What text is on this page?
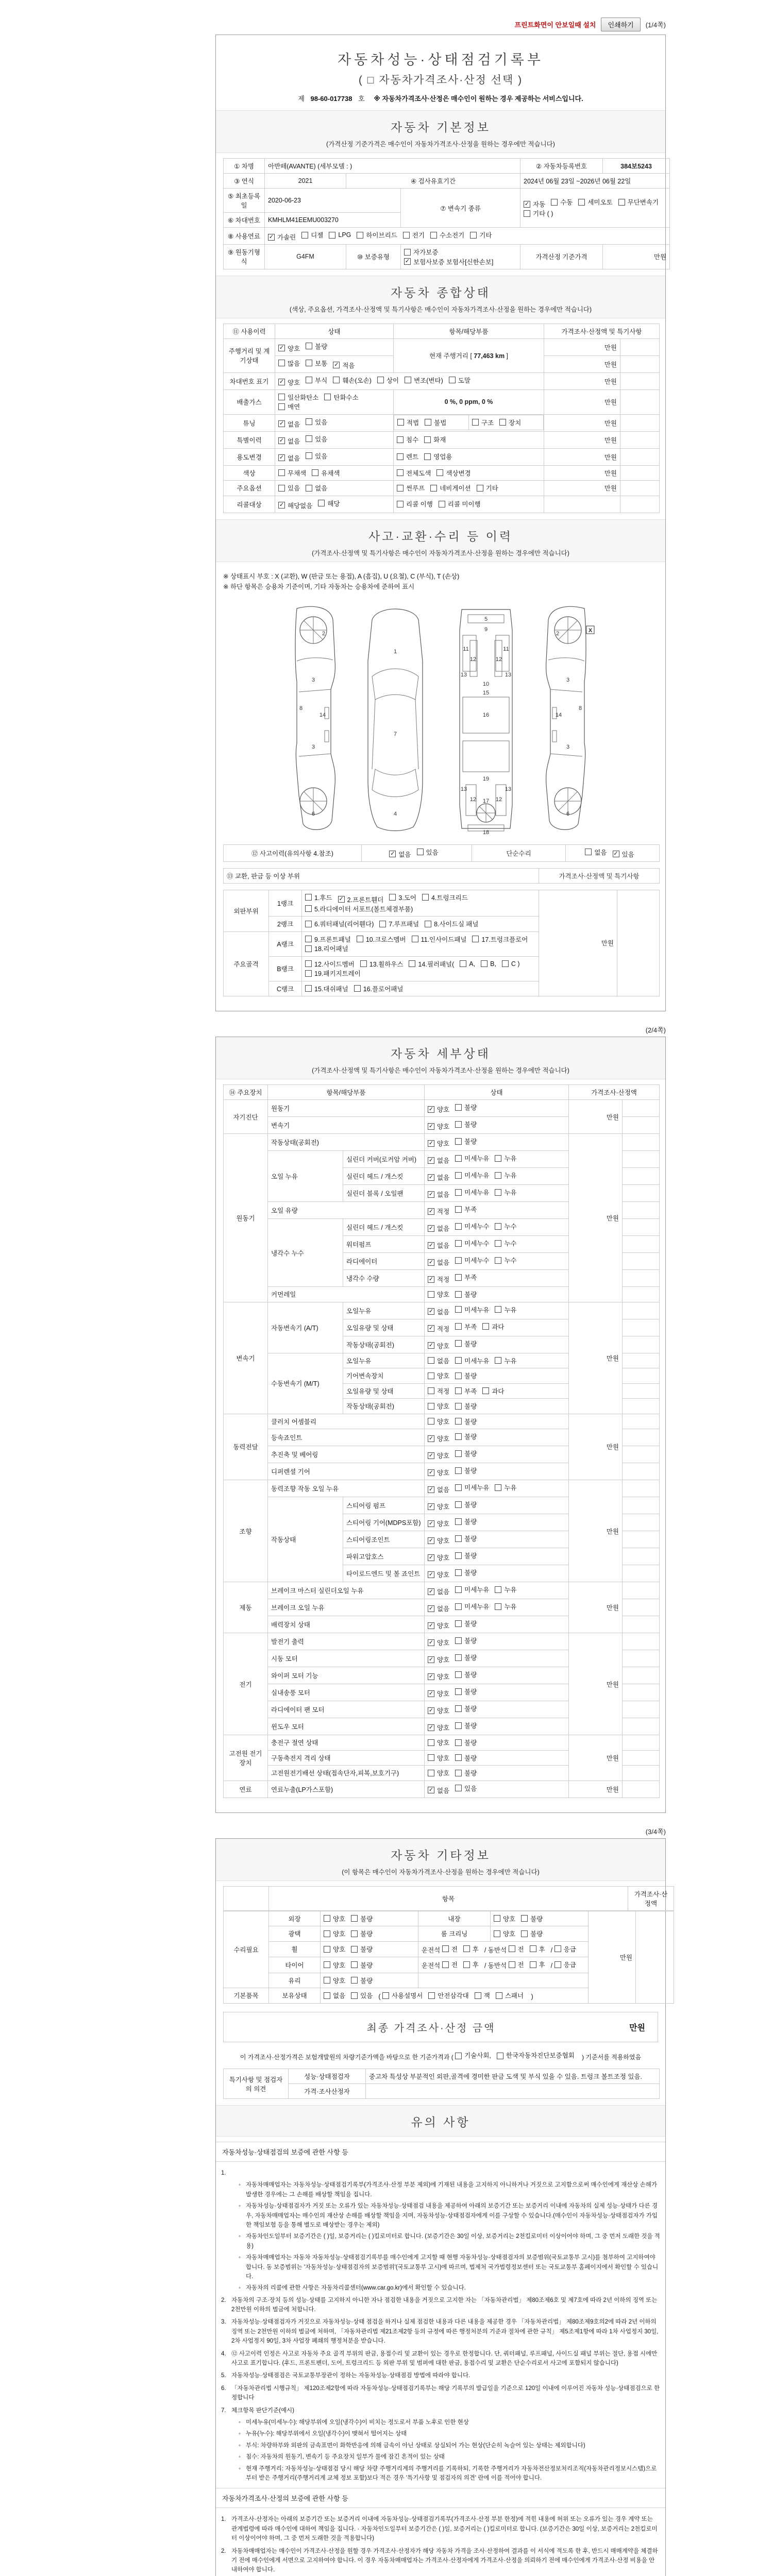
프린트화면이 안보일때 설치	인쇄하기	(1/4쪽)
자동차성능·상태점검기록부
( □ 자동차가격조사·산정 선택 )
제 98-60-017738 호 ※ 자동차가격조사·산정은 매수인이 원하는 경우 제공하는 서비스입니다.
자동차 기본정보
(가격산정 기준가격은 매수인이 자동차가격조사·산정을 원하는 경우에만 적습니다)
① 차명	아반떼(AVANTE) (세부모델 : )			② 자동차등록번호	384보5243
③ 연식	2021	④ 검사유효기간		2024년 06월 23일 ~2026년 06월 22일	
⑤ 최초등록일	2020-06-23	⑦ 변속기 종류	
✓ 자동 수동 세미오토 무단변속기
기타 ( )

⑥ 차대번호	KMHLM41EEMU003270				
⑧ 사용연료	✓ 가솔린 디젤 LPG 하이브리드 전기 수소전기 기타

⑨ 원동기형식	G4FM	⑩ 보증유형	자가보증
✓ 보험사보증 보험사[신한손보]	가격산정 기준가격	만원
자동차 종합상태
(색상, 주요옵션, 가격조사·산정액 및 특기사항은 매수인이 자동차가격조사·산정을 원하는 경우에만 적습니다)
⑪ 사용이력	상태	항목/해당부품	가격조사·산정액 및 특기사항	
주행거리 및 계기상태	✓ 양호 불량	현재 주행거리 [ 77,463 km ]	만원	

	많음 보통 ✓ 적음		만원	
차대번호 표기	✓ 양호 부식 훼손(오손) 상이 변조(변타) 도말	만원	
배출가스	일산화탄소 탄화수소
매연	0 %, 0 ppm, 0 %	만원	
튜닝	✓ 없음 있음
		적법 불법	구조 장치	만원	
특별이력	✓ 없음 있음	침수 화재	만원	
용도변경	✓ 없음 있음	렌트 영업용	만원	
색상	무채색 유채색	전체도색 색상변경	만원	
주요옵션	있음 없음	썬루프 네비게이션 기타	만원	
리콜대상	✓ 해당없음 해당	리콜 이행 리콜 미이행		

사고·교환·수리 등 이력
(가격조사·산정액 및 특기사항은 매수인이 자동차가격조사·산정을 원하는 경우에만 적습니다)
※ 상태표시 부호 : X (교환), W (판금 또는 용접), A (흠집), U (요철), C (부식), T (손상)
※ 하단 항목은 승용차 기준이며, 기타 자동차는 승용차에 준하여 표시
2
3
8
14
3
6
1
7
4
5
9
11	11
12	12
13	13
10
15
16
19
13	13
12	12
17
18
2
3
8
14
3
6
X
⑫ 사고이력(유의사항 4.참조)	✓ 없음 있음	단순수리	없음 ✓ 있음
⑬ 교환, 판금 등 이상 부위	가격조사·산정액 및 특기사항
외판부위	1랭크	
1.후드 ✓ 2.프론트휀더 3.도어 4.트렁크리드
5.라디에이터 서포트(볼트체결부품)
	만원	
	2랭크	6.쿼터패널(리어휀다) 7.루프패널 8.사이드실 패널		

주요골격	A랭크	9.프론트패널 10.크로스멤버 11.인사이드패널 17.트렁크플로어
18.리어패널		

B랭크	
12.사이드멤버 13.휠하우스 14.필러패널( A, B, C )
19.패키지트레이

	C랭크	15.대쉬패널 16.플로어패널		
(2/4쪽)
자동차 세부상태
(가격조사·산정액 및 특기사항은 매수인이 자동차가격조사·산정을 원하는 경우에만 적습니다)
⑭ 주요장치	항목/해당부품		상태	가격조사·산정액	
자기진단	원동기		✓ 양호 불량	만원	
	변속기		✓ 양호 불량		

원동기	작동상태(공회전)		✓ 양호 불량	만원	
	오일 누유	실린더 커버(로커암 커버)	✓ 없음 미세누유 누유		

		실린더 헤드 / 개스킷	✓ 없음 미세누유 누유		

		실린더 블록 / 오일팬	✓ 없음 미세누유 누유		

	오일 유량		✓ 적정 부족		

	냉각수 누수	실린더 헤드 / 개스킷	✓ 없음 미세누수 누수		

		워터펌프	✓ 없음 미세누수 누수		

		라디에이터	✓ 없음 미세누수 누수		

		냉각수 수량	✓ 적정 부족		

	커먼레일		양호 불량		

변속기	자동변속기 (A/T)	오일누유	✓ 없음 미세누유 누유	만원	
		오일유량 및 상태	✓ 적정 부족 과다		

		작동상태(공회전)	✓ 양호 불량		

	수동변속기 (M/T)	오일누유	없음 미세누유 누유		

		기어변속장치	양호 불량		

		오일유량 및 상태	적정 부족 과다		

		작동상태(공회전)	양호 불량		

동력전달	클러치 어셈블리		양호 불량	만원	
	등속죠인트		✓ 양호 불량		

	추진축 및 베어링		✓ 양호 불량		

	디퍼렌셜 기어		✓ 양호 불량		

조향	동력조향 작동 오일 누유		✓ 없음 미세누유 누유	만원	
	작동상태	스티어링 펌프	✓ 양호 불량		

		스티어링 기어(MDPS포함)	✓ 양호 불량		

		스티어링조인트	✓ 양호 불량		

		파워고압호스	✓ 양호 불량		

		타이로드엔드 및 볼 죠인트	✓ 양호 불량		

제동	브레이크 마스터 실린더오일 누유		✓ 없음 미세누유 누유	만원	
	브레이크 오일 누유		✓ 없음 미세누유 누유		

	배력장치 상태		✓ 양호 불량		

전기	발전기 출력		✓ 양호 불량	만원	
	시동 모터		✓ 양호 불량		

	와이퍼 모터 기능		✓ 양호 불량		

	실내송풍 모터		✓ 양호 불량		

	라디에이터 팬 모터		✓ 양호 불량		

	윈도우 모터		✓ 양호 불량		

고전원 전기장치	충전구 절연 상태		양호 불량	만원	
	구동축전지 격리 상태		양호 불량		

	고전원전기배선 상태(접속단자,피복,보호기구)		양호 불량		

연료	연료누출(LP가스포함)		✓ 없음 있음	만원	
(3/4쪽)
자동차 기타정보
(이 항목은 매수인이 자동차가격조사·산정을 원하는 경우에만 적습니다)
	항목	가격조사·산정액
수리필요	외장	양호 불량	내장	양호 불량	만원	
	광택	양호 불량	룸 크리닝	양호 불량		

휠	양호 불량	운전석 전 후 / 동반석 전 후 / 응급

타이어	양호 불량	운전석 전 후 / 동반석 전 후 / 응급

	유리	양호 불량				

기본품목	보유상태	없음 있음 ( 사용설명서 안전삼각대 잭 스패너 )
최종 가격조사·산정 금액	만원
이 가격조사·산정가격은 보험개발원의 차량기준가액을 바탕으로 한 기준가격과 ( 기술사회, 한국자동차진단보증협회 ) 기준서를 적용하였음
특기사항 및 점검자의 의견	성능·상태점검자	중고차 특성상 부분적인 외판,골격에 경미한 판금 도색 및 부식 있을 수 있음. 트렁크 볼트조정 있음.
	가격·조사산정자	
유의 사항
자동차성능·상태점검의 보증에 관한 사항 등
1.
◦ 자동차매매업자는 자동차성능·상태점검기록부(가격조사·산정 부분 제외)에 기재된 내용을 고지하지 아니하거나 거짓으로 고지함으로써 매수인에게 재산상 손해가 발생한 경우에는 그 손해를 배상할 책임을 집니다.
◦ 자동차성능·상태점검자가 거짓 또는 오류가 있는 자동차성능·상태점검 내용을 제공하여 아래의 보증기간 또는 보증거리 이내에 자동차의 실제 성능·상태가 다른 경우, 자동차매매업자는 매수인의 재산상 손해를 배상할 책임을 지며, 자동차성능·상태점검자에게 이를 구상할 수 있습니다.(매수인이 자동차성능·상태점검자가 가입한 책임보험 등을 통해 별도로 배상받는 경우는 제외)
◦ 자동차인도일부터 보증기간은 ( )일, 보증거리는 ( )킬로미터로 합니다. (보증기간은 30일 이상, 보증거리는 2천킬로미터 이상이어야 하며, 그 중 먼저 도래한 것을 적용)
◦ 자동차매매업자는 자동차 자동차성능·상태점검기록부를 매수인에게 고지할 때 현행 자동차성능·상태점검자의 보증범위(국토교통부 고시)를 첨부하여 고지하여야 합니다. 동 보증범위는 '자동차성능·상태점검자의 보증범위'(국토교통부 고시)에 따르며, 법제처 국가법령정보센터 또는 국토교통부 홈페이지에서 확인할 수 있습니다.
◦ 자동차의 리콜에 관한 사항은 자동차리콜센터(www.car.go.kr)에서 확인할 수 있습니다.
2. 자동차의 구조·장치 등의 성능·상태를 고지하지 아니한 자나 점검한 내용을 거짓으로 고지한 자는 「자동차관리법」 제80조제6호 및 제7호에 따라 2년 이하의 징역 또는 2천만원 이하의 벌금에 처합니다.
3. 자동차성능·상태점검자가 거짓으로 자동차성능·상태 점검을 하거나 실제 점검한 내용과 다른 내용을 제공한 경우 「자동차관리법」 제80조제9호의2에 따라 2년 이하의 징역 또는 2천만원 이하의 벌금에 처하며, 「자동차관리법 제21조제2항 등의 규정에 따른 행정처분의 기준과 절차에 관한 규칙」 제5조제1항에 따라 1차 사업정지 30일, 2차 사업정지 90일, 3차 사업장 폐쇄의 행정처분을 받습니다.
4. ⑫ 사고이력 인정은 사고로 자동차 주요 골격 부위의 판금, 용접수리 및 교환이 있는 경우로 한정합니다. 단, 쿼터패널, 루프패널, 사이드실 패널 부위는 절단, 용접 시에만 사고로 표기합니다. (후드, 프론트펜더, 도어, 트렁크리드 등 외판 부위 및 범퍼에 대한 판금, 용접수리 및 교환은 단순수리로서 사고에 포함되지 않습니다)
5. 자동차성능·상태점검은 국토교통부장관이 정하는 자동차성능·상태점검 방법에 따라야 합니다.
6. 「자동차관리법 시행규칙」 제120조제2항에 따라 자동차성능·상태점검기록부는 해당 기록부의 발급일을 기준으로 120일 이내에 이루어진 자동차 성능·상태점검으로 한정합니다
7. 체크항목 판단기준(예시)
◦ 미세누유(미세누수): 해당부위에 오일(냉각수)이 비치는 정도로서 부품 노후로 인한 현상
◦ 누유(누수): 해당부위에서 오일(냉각수)이 맺혀서 떨어지는 상태
◦ 부식: 차량하부와 외판의 금속표면이 화학반응에 의해 금속이 아닌 상태로 상실되어 가는 현상(단순히 녹슬어 있는 상태는 제외합니다)
◦ 침수: 자동차의 원동기, 변속기 등 주요장치 일부가 물에 잠긴 흔적이 있는 상태
◦ 현재 주행거리: 자동차성능·상태점검 당시 해당 차량 주행거리계의 주행거리를 기록하되, 기록한 주행거리가 자동차전산정보처리조직(자동차관리정보시스템)으로부터 받은 주행거리(주행거리계 교체 정보 포함)보다 적은 경우 '특기사항 및 점검자의 의견' 란에 이를 적어야 합니다.
자동차가격조사·산정의 보증에 관한 사항 등
1. 가격조사·산정자는 아래의 보증기간 또는 보증거리 이내에 자동차성능·상태점검기록부(가격조사·산정 부분 한정)에 적힌 내용에 허위 또는 오류가 있는 경우 계약 또는 관계법령에 따라 매수인에 대하여 책임을 집니다. · 자동차인도일부터 보증기간은 ( )일, 보증거리는 ( )킬로미터로 합니다. (보증기간은 30일 이상, 보증거리는 2천킬로미터 이상이어야 하며, 그 중 먼저 도래한 것을 적용합니다)
2. 자동차매매업자는 매수인이 가격조사·산정을 원할 경우 가격조사·산정자가 해당 자동차 가격을 조사·산정하여 결과를 이 서식에 적도록 한 후, 반드시 매매계약을 체결하기 전에 매수인에게 서면으로 고지하여야 합니다. 이 경우 자동차매매업자는 가격조사·산정자에게 가격조사·산정을 의뢰하기 전에 매수인에게 가격조사·산정 비용을 안내하여야 합니다.
